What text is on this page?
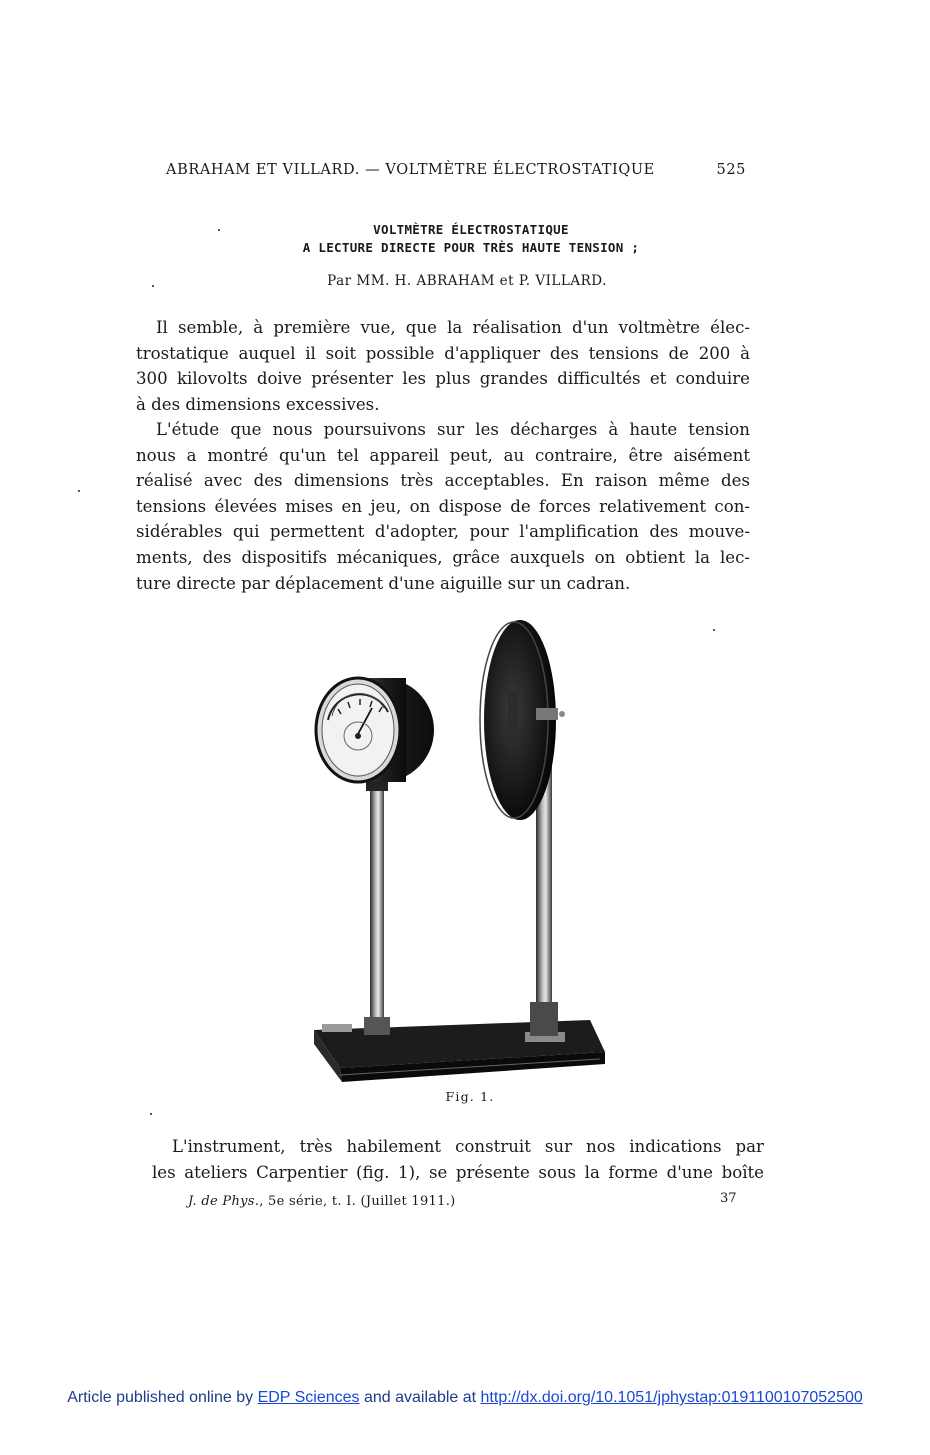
ABRAHAM ET VILLARD. — VOLTMÈTRE ÉLECTROSTATIQUE	525
VOLTMÈTRE ÉLECTROSTATIQUE
A LECTURE DIRECTE POUR TRÈS HAUTE TENSION ;
Par MM. H. ABRAHAM et P. VILLARD.
Il semble, à première vue, que la réalisation d'un voltmètre élec-
trostatique auquel il soit possible d'appliquer des tensions de 200 à
300 kilovolts doive présenter les plus grandes difficultés et conduire
à des dimensions excessives.
L'étude que nous poursuivons sur les décharges à haute tension
nous a montré qu'un tel appareil peut, au contraire, être aisément
réalisé avec des dimensions très acceptables. En raison même des
tensions élevées mises en jeu, on dispose de forces relativement con-
sidérables qui permettent d'adopter, pour l'amplification des mouve-
ments, des dispositifs mécaniques, grâce auxquels on obtient la lec-
ture directe par déplacement d'une aiguille sur un cadran.
Fig. 1.
L'instrument, très habilement construit sur nos indications par
les ateliers Carpentier (fig. 1), se présente sous la forme d'une boîte
J. de Phys., 5e série, t. I. (Juillet 1911.)	37
Article published online by EDP Sciences and available at http://dx.doi.org/10.1051/jphystap:0191100107052500
